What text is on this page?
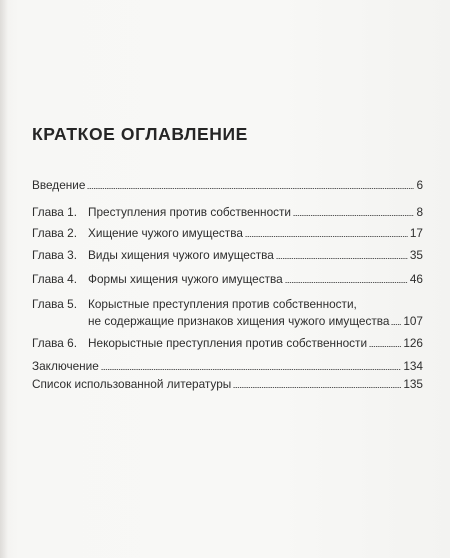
КРАТКОЕ ОГЛАВЛЕНИЕ
Введение	6
Глава 1. Преступления против собственности	8
Глава 2. Хищение чужого имущества	17
Глава 3. Виды хищения чужого имущества	35
Глава 4. Формы хищения чужого имущества	46
Глава 5. Корыстные преступления против собственности,
не содержащие признаков хищения чужого имущества 107
Глава 6. Некорыстные преступления против собственности	126
Заключение	134
Список использованной литературы	135
